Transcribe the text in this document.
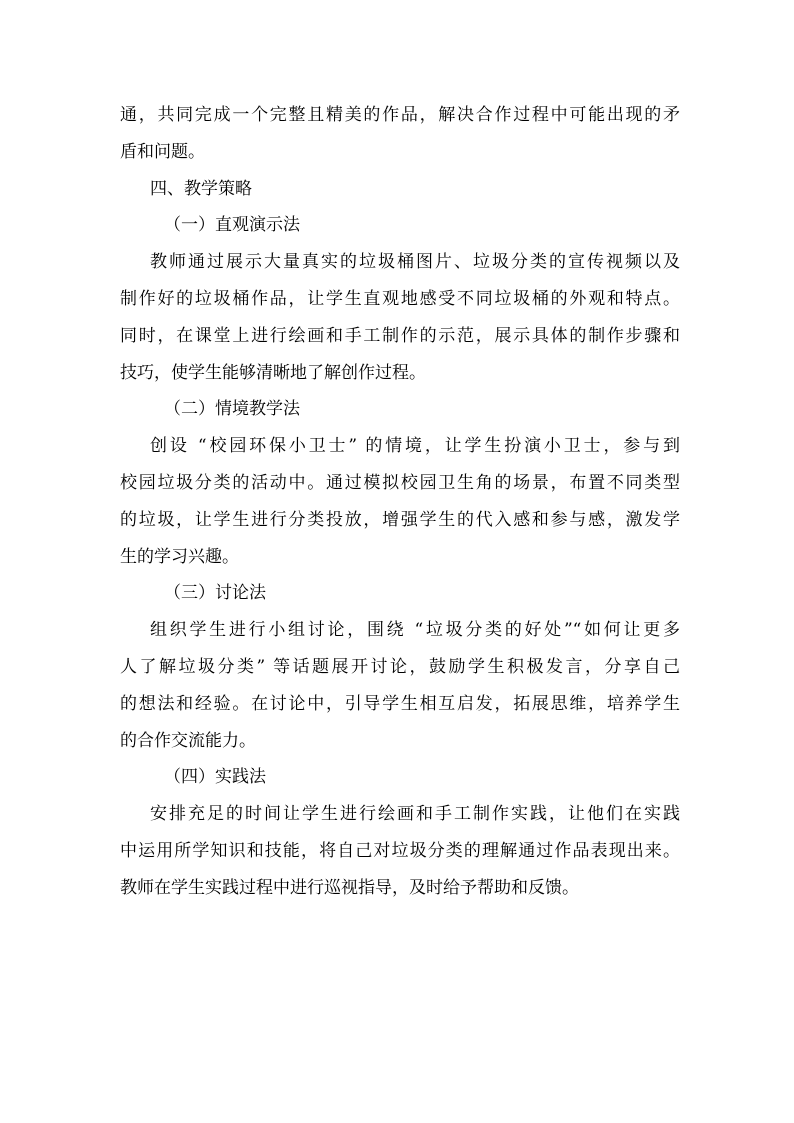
通，共同完成一个完整且精美的作品，解决合作过程中可能出现的矛
盾和问题。
四、教学策略
（一）直观演示法
教师通过展示大量真实的垃圾桶图片、垃圾分类的宣传视频以及
制作好的垃圾桶作品，让学生直观地感受不同垃圾桶的外观和特点。
同时，在课堂上进行绘画和手工制作的示范，展示具体的制作步骤和
技巧，使学生能够清晰地了解创作过程。
（二）情境教学法
创设 “校园环保小卫士” 的情境，让学生扮演小卫士，参与到
校园垃圾分类的活动中。通过模拟校园卫生角的场景，布置不同类型
的垃圾，让学生进行分类投放，增强学生的代入感和参与感，激发学
生的学习兴趣。
（三）讨论法
组织学生进行小组讨论，围绕 “垃圾分类的好处”“如何让更多
人了解垃圾分类” 等话题展开讨论，鼓励学生积极发言，分享自己
的想法和经验。在讨论中，引导学生相互启发，拓展思维，培养学生
的合作交流能力。
（四）实践法
安排充足的时间让学生进行绘画和手工制作实践，让他们在实践
中运用所学知识和技能，将自己对垃圾分类的理解通过作品表现出来。
教师在学生实践过程中进行巡视指导，及时给予帮助和反馈。
